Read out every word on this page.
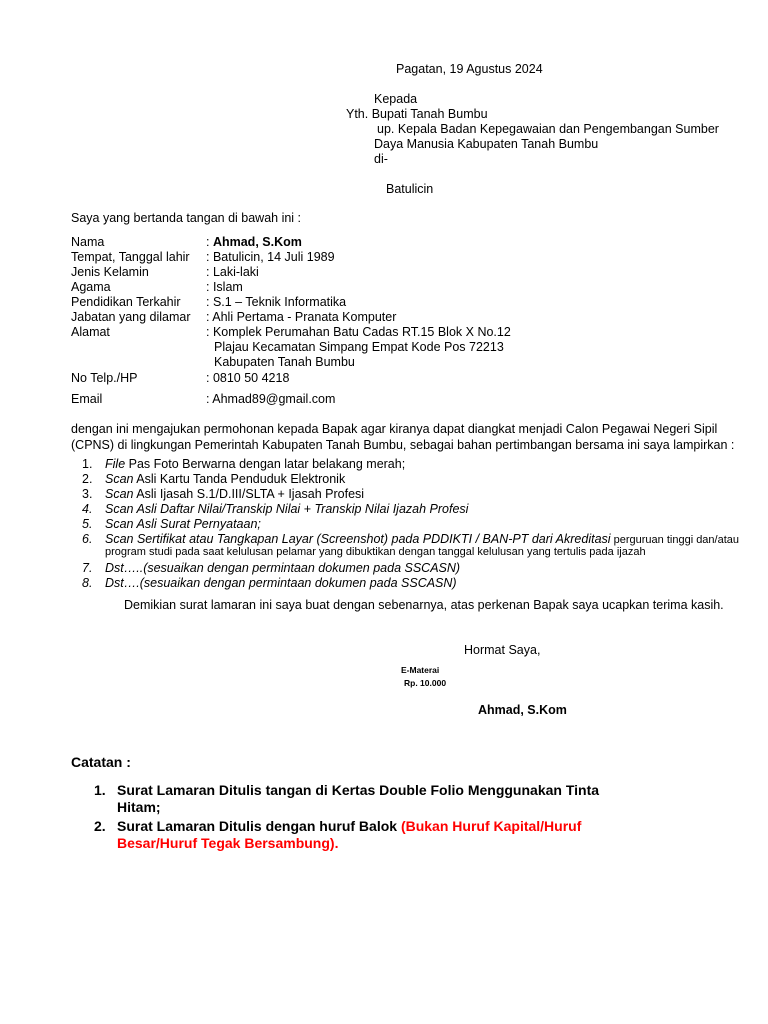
Pagatan, 19 Agustus 2024
Kepada
Yth. Bupati Tanah Bumbu
up. Kepala Badan Kepegawaian dan Pengembangan Sumber
Daya Manusia Kabupaten Tanah Bumbu
di-
Batulicin
Saya yang bertanda tangan di bawah ini :
Nama	: Ahmad, S.Kom
Tempat, Tanggal lahir : Batulicin, 14 Juli 1989
Jenis Kelamin	: Laki-laki
Agama	: Islam
Pendidikan Terkahir : S.1 – Teknik Informatika
Jabatan yang dilamar : Ahli Pertama - Pranata Komputer
Alamat	: Komplek Perumahan Batu Cadas RT.15 Blok X No.12
Plajau Kecamatan Simpang Empat Kode Pos 72213
Kabupaten Tanah Bumbu
No Telp./HP	: 0810 50 4218
Email	: Ahmad89@gmail.com
dengan ini mengajukan permohonan kepada Bapak agar kiranya dapat diangkat menjadi Calon Pegawai Negeri Sipil
(CPNS) di lingkungan Pemerintah Kabupaten Tanah Bumbu, sebagai bahan pertimbangan bersama ini saya lampirkan :
1. File Pas Foto Berwarna dengan latar belakang merah;
2. Scan Asli Kartu Tanda Penduduk Elektronik
3. Scan Asli Ijasah S.1/D.III/SLTA + Ijasah Profesi
4. Scan Asli Daftar Nilai/Transkip Nilai + Transkip Nilai Ijazah Profesi
5. Scan Asli Surat Pernyataan;
6. Scan Sertifikat atau Tangkapan Layar (Screenshot) pada PDDIKTI / BAN-PT dari Akreditasi perguruan tinggi dan/atau
program studi pada saat kelulusan pelamar yang dibuktikan dengan tanggal kelulusan yang tertulis pada ijazah
7. Dst…..(sesuaikan dengan permintaan dokumen pada SSCASN)
8. Dst….(sesuaikan dengan permintaan dokumen pada SSCASN)
Demikian surat lamaran ini saya buat dengan sebenarnya, atas perkenan Bapak saya ucapkan terima kasih.
Hormat Saya,
E-Materai
Rp. 10.000
Ahmad, S.Kom
Catatan :
1. Surat Lamaran Ditulis tangan di Kertas Double Folio Menggunakan Tinta
Hitam;
2. Surat Lamaran Ditulis dengan huruf Balok (Bukan Huruf Kapital/Huruf
Besar/Huruf Tegak Bersambung).
